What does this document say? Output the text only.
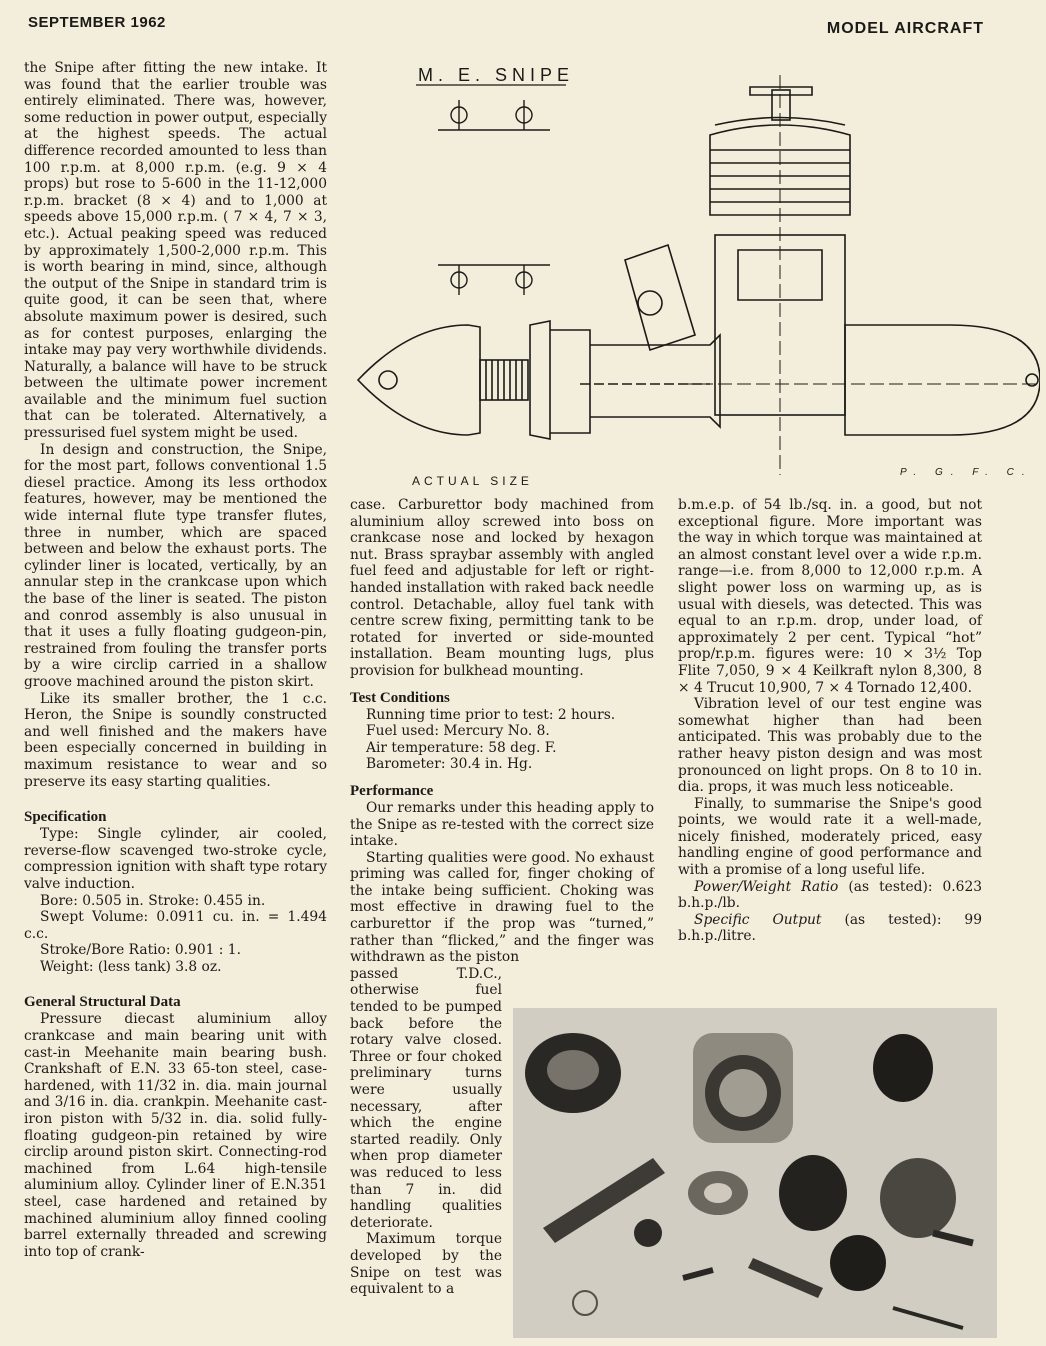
SEPTEMBER 1962	MODEL AIRCRAFT

the Snipe after fitting the new intake. It was found that the earlier trouble was entirely eliminated. There was, however, some reduction in power output, especially at the highest speeds. The actual difference recorded amounted to less than 100 r.p.m. at 8,000 r.p.m. (e.g. 9 × 4 props) but rose to 5-600 in the 11-12,000 r.p.m. bracket (8 × 4) and to 1,000 at speeds above 15,000 r.p.m. ( 7 × 4, 7 × 3, etc.). Actual peaking speed was reduced by approximately 1,500-2,000 r.p.m. This is worth bearing in mind, since, although the output of the Snipe in standard trim is quite good, it can be seen that, where absolute maximum power is desired, such as for contest purposes, enlarging the intake may pay very worthwhile dividends. Naturally, a balance will have to be struck between the ultimate power increment available and the minimum fuel suction that can be tolerated. Alternatively, a pressurised fuel system might be used.

In design and construction, the Snipe, for the most part, follows conventional 1.5 diesel practice. Among its less orthodox features, however, may be mentioned the wide internal flute type transfer flutes, three in number, which are spaced between and below the exhaust ports. The cylinder liner is located, vertically, by an annular step in the crankcase upon which the base of the liner is seated. The piston and conrod assembly is also unusual in that it uses a fully floating gudgeon-pin, restrained from fouling the transfer ports by a wire circlip carried in a shallow groove machined around the piston skirt.

Like its smaller brother, the 1 c.c. Heron, the Snipe is soundly constructed and well finished and the makers have been especially concerned in building in maximum resistance to wear and so preserve its easy starting qualities.

Specification

Type: Single cylinder, air cooled, reverse-flow scavenged two-stroke cycle, compression ignition with shaft type rotary valve induction.

Bore: 0.505 in. Stroke: 0.455 in.

Swept Volume: 0.0911 cu. in. = 1.494 c.c.

Stroke/Bore Ratio: 0.901 : 1.

Weight: (less tank) 3.8 oz.

General Structural Data

Pressure diecast aluminium alloy crankcase and main bearing unit with cast-in Meehanite main bearing bush. Crankshaft of E.N. 33 65-ton steel, case-hardened, with 11/32 in. dia. main journal and 3/16 in. dia. crankpin. Meehanite cast-iron piston with 5/32 in. dia. solid fully-floating gudgeon-pin retained by wire circlip around piston skirt. Connecting-rod machined from L.64 high-tensile aluminium alloy. Cylinder liner of E.N.351 steel, case hardened and retained by machined aluminium alloy finned cooling barrel externally threaded and screwing into top of crank-

M. E. SNIPE
ACTUAL SIZE
P. G. F. C.

case. Carburettor body machined from aluminium alloy screwed into boss on crankcase nose and locked by hexagon nut. Brass spraybar assembly with angled fuel feed and adjustable for left or right-handed installation with raked back needle control. Detachable, alloy fuel tank with centre screw fixing, permitting tank to be rotated for inverted or side-mounted installation. Beam mounting lugs, plus provision for bulkhead mounting.

Test Conditions

Running time prior to test: 2 hours.

Fuel used: Mercury No. 8.

Air temperature: 58 deg. F.

Barometer: 30.4 in. Hg.

Performance

Our remarks under this heading apply to the Snipe as re-tested with the correct size intake.

Starting qualities were good. No exhaust priming was called for, finger choking of the intake being sufficient. Choking was most effective in drawing fuel to the carburettor if the prop was “turned,” rather than “flicked,” and the finger was withdrawn as the piston

passed T.D.C., otherwise fuel tended to be pumped back before the rotary valve closed. Three or four choked preliminary turns were usually necessary, after which the engine started readily. Only when prop diameter was reduced to less than 7 in. did handling qualities deteriorate.

Maximum torque developed by the Snipe on test was equivalent to a

b.m.e.p. of 54 lb./sq. in. a good, but not exceptional figure. More important was the way in which torque was maintained at an almost constant level over a wide r.p.m. range—i.e. from 8,000 to 12,000 r.p.m. A slight power loss on warming up, as is usual with diesels, was detected. This was equal to an r.p.m. drop, under load, of approximately 2 per cent. Typical “hot” prop/r.p.m. figures were: 10 × 3½ Top Flite 7,050, 9 × 4 Keilkraft nylon 8,300, 8 × 4 Trucut 10,900, 7 × 4 Tornado 12,400.

Vibration level of our test engine was somewhat higher than had been anticipated. This was probably due to the rather heavy piston design and was most pronounced on light props. On 8 to 10 in. dia. props, it was much less noticeable.

Finally, to summarise the Snipe's good points, we would rate it a well-made, nicely finished, moderately priced, easy handling engine of good performance and with a promise of a long useful life.

Power/Weight Ratio (as tested): 0.623 b.h.p./lb.

Specific Output (as tested): 99 b.h.p./litre.
